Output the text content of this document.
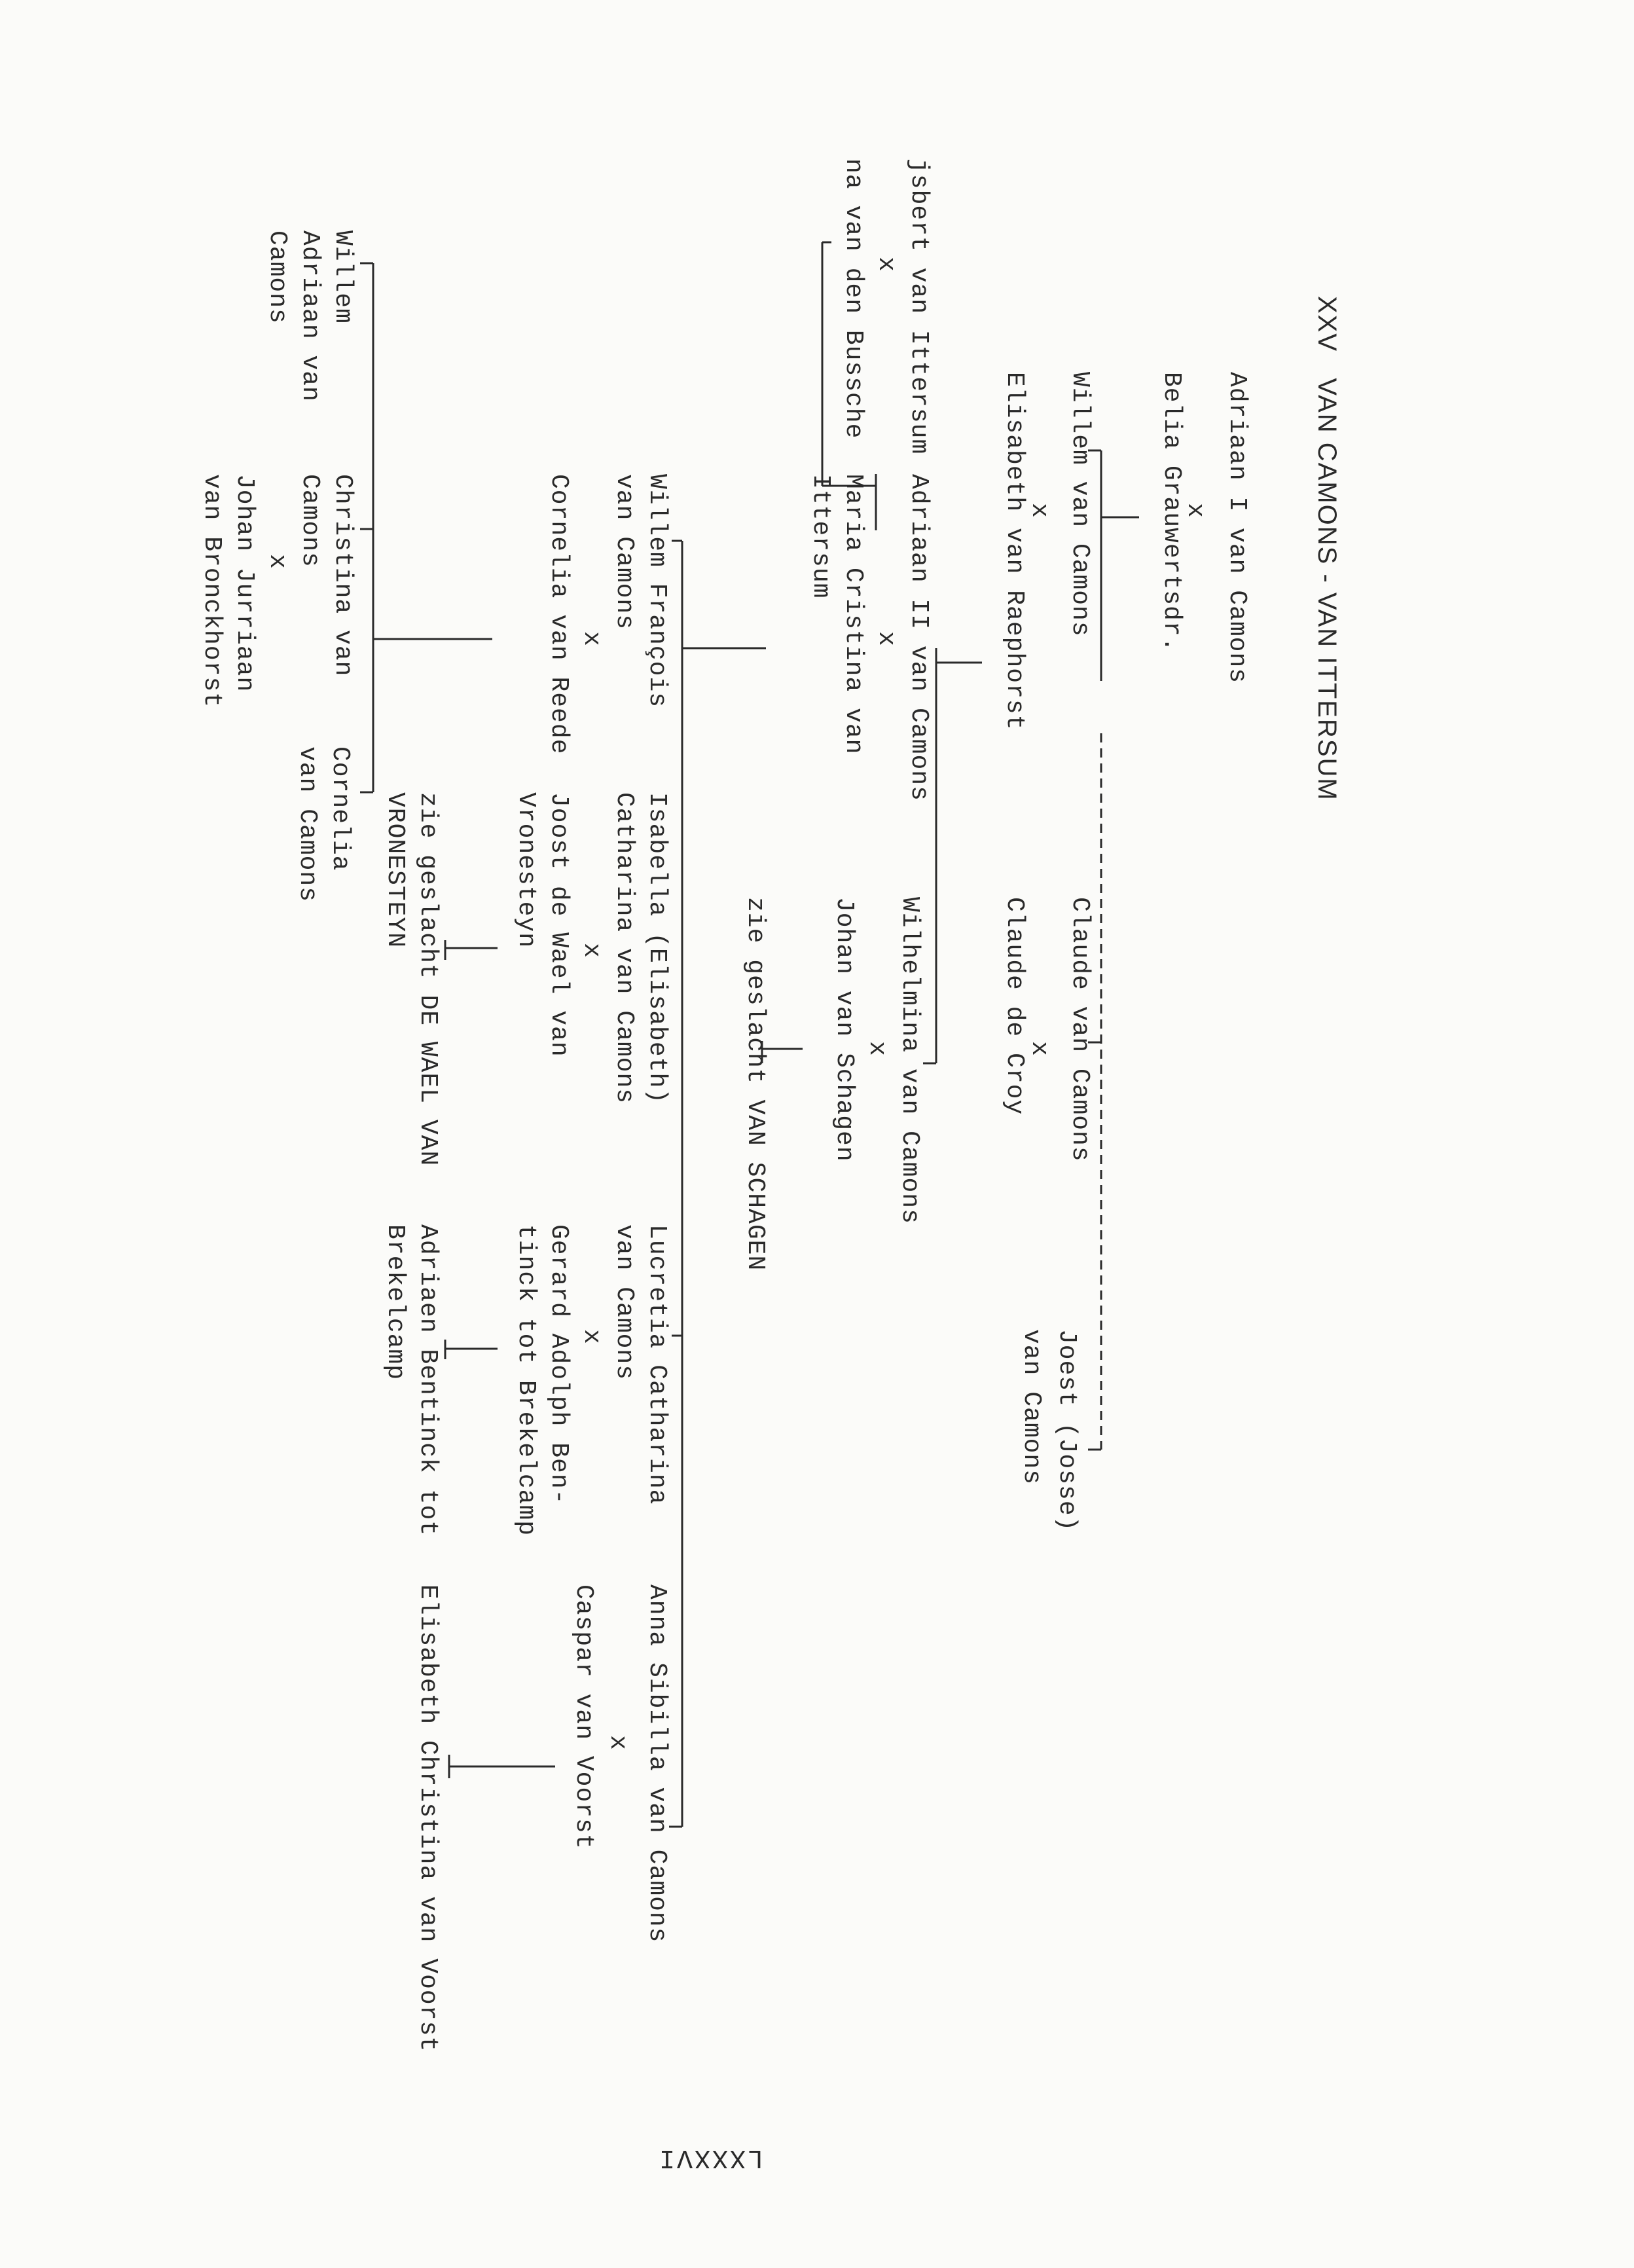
XXV   VAN CAMONS - VAN ITTERSUM
LXXXVI
Adriaan I van Camons
x
Belia Grauwertsdr.
Willem van Camons
x
Elisabeth van Raephorst
Claude van Camons
x
Claude de Croy
Joest (Josse)
van Camons
jsbert van Ittersum
x
na van den Bussche
Adriaan II van Camons
x
Maria Cristina van
Ittersum
Wilhelmina van Camons
x
Johan van Schagen
zie geslacht VAN SCHAGEN
Willem François
van Camons
x
Cornelia van Reede
Isabella (Elisabeth)
Catharina van Camons
x
Joost de Wael van
Vronesteyn
zie geslacht DE WAEL VAN
VRONESTEYN
Lucretia Catharina
van Camons
x
Gerard Adolph Ben-
tinck tot Brekelcamp
Adriaen Bentinck tot
Brekelcamp
Anna Sibilla van Camons
x
Caspar van Voorst
Elisabeth Christina van Voorst
Willem
Adriaan van
Camons
Christina van
Camons
x
Johan Jurriaan
van Bronckhorst
Cornelia
van Camons
